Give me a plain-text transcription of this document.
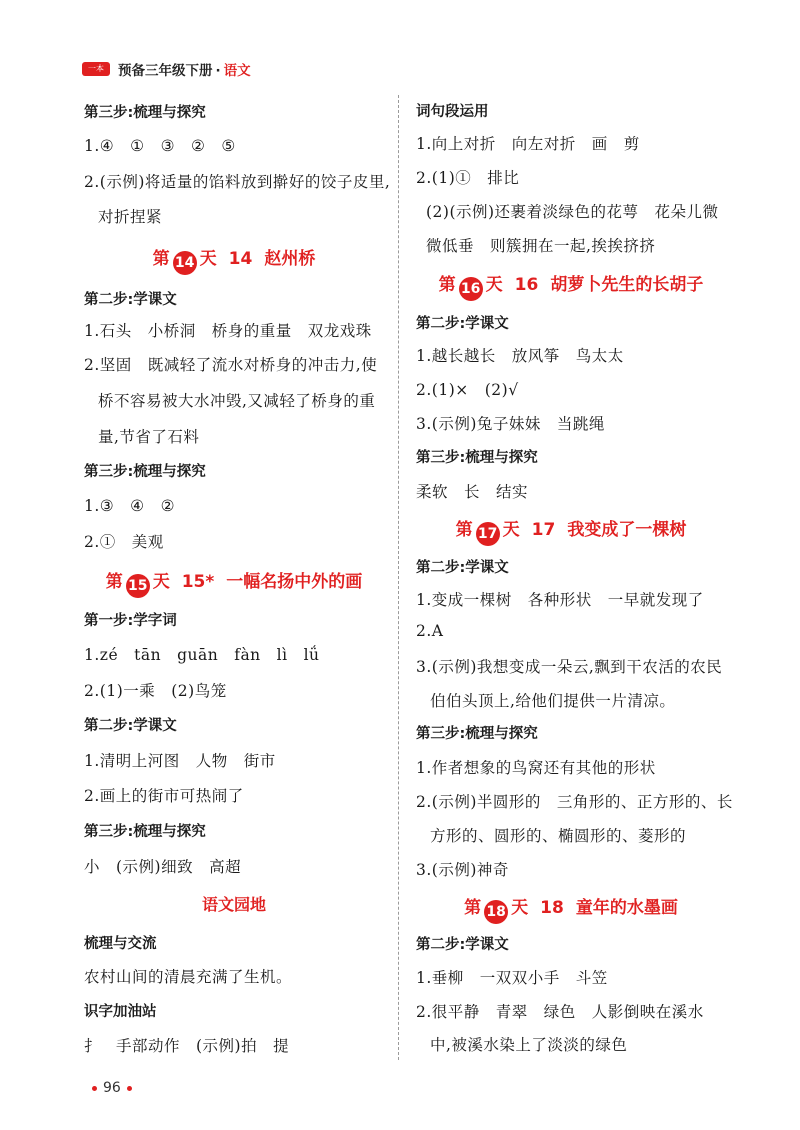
一本	预备三年级下册 · 语文
第三步:梳理与探究
1.④　①　③　②　⑤
2.(示例)将适量的馅料放到擀好的饺子皮里,
对折捏紧
第 14 天 14 赵州桥
第二步:学课文
1.石头　小桥洞　桥身的重量　双龙戏珠
2.坚固　既减轻了流水对桥身的冲击力,使
桥不容易被大水冲毁,又减轻了桥身的重
量,节省了石料
第三步:梳理与探究
1.③　④　②
2.①　美观
第 15 天 15* 一幅名扬中外的画
第一步:学字词
1.zé　tān　guān　fàn　lì　lǘ
2.(1)一乘　(2)鸟笼
第二步:学课文
1.清明上河图　人物　街市
2.画上的街市可热闹了
第三步:梳理与探究
小　(示例)细致　高超
语文园地
梳理与交流
农村山间的清晨充满了生机。
识字加油站
扌　手部动作　(示例)拍　提
词句段运用
1.向上对折　向左对折　画　剪
2.(1)①　排比
(2)(示例)还裹着淡绿色的花萼　花朵儿微
微低垂　则簇拥在一起,挨挨挤挤
第 16 天 16 胡萝卜先生的长胡子
第二步:学课文
1.越长越长　放风筝　鸟太太
2.(1)×　(2)√
3.(示例)兔子妹妹　当跳绳
第三步:梳理与探究
柔软　长　结实
第 17 天 17 我变成了一棵树
第二步:学课文
1.变成一棵树　各种形状　一早就发现了
2.A
3.(示例)我想变成一朵云,飘到干农活的农民
伯伯头顶上,给他们提供一片清凉。
第三步:梳理与探究
1.作者想象的鸟窝还有其他的形状
2.(示例)半圆形的　三角形的、正方形的、长
方形的、圆形的、椭圆形的、菱形的
3.(示例)神奇
第 18 天 18 童年的水墨画
第二步:学课文
1.垂柳　一双双小手　斗笠
2.很平静　青翠　绿色　人影倒映在溪水
中,被溪水染上了淡淡的绿色
96
